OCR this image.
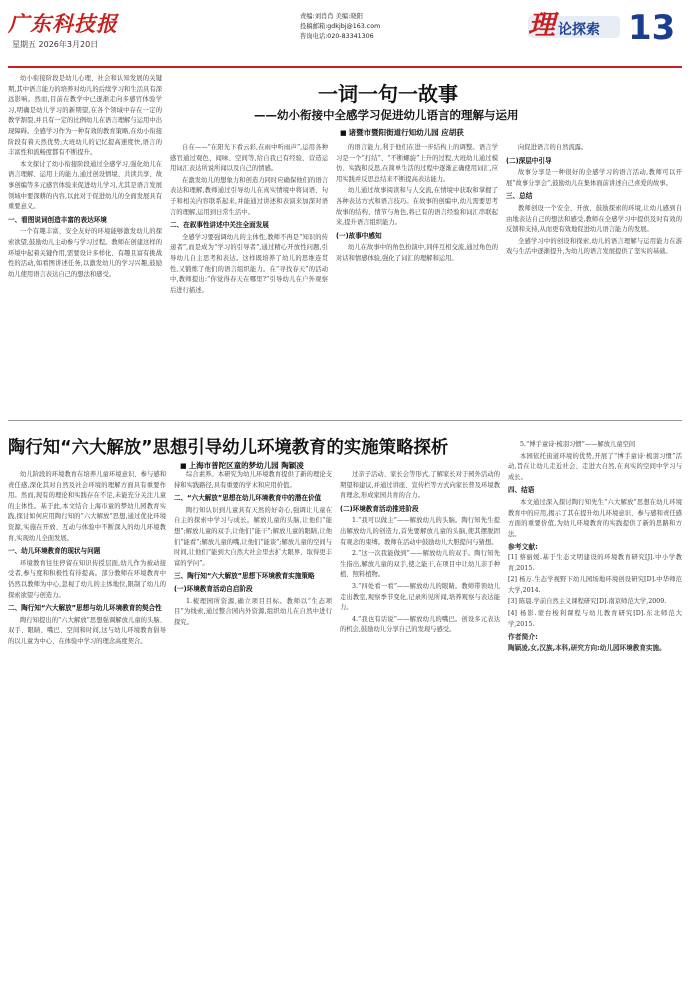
广东科技报
星期五 2026年3月20日
责编:刘肖肖 美编:晓阳
投稿邮箱:gdkjbj@163.com
咨询电话:020-83341306	理 论探索 13

幼小衔接阶段是幼儿心理、社会和认知发展的关键期,其中语言能力的培养对幼儿的后续学习和生活具有深远影响。然而,目前在教学中已逐渐走向多感官体验学习,明确是幼儿学习的新期望,在各个领域中存在一定的教学割裂,并且有一定的比例幼儿在语言理解与运用中出现障碍。全感学习作为一种有效的教育策略,在幼小衔接阶段有着天然优势,大班幼儿的记忆提高速度快,语言的丰富性和流畅度都有不断提升。

本文探讨了幼小衔接阶段通过全感学习,强化幼儿在语言理解、运用上的能力,通过创设情境、共读共享、故事创编等多元感官体验来促进幼儿学习,尤其是语言发展领域中要深耕的内容,以此对于促进幼儿的全面发展具有重要意义。

一、看图说词创造丰富的表达环境

一个有趣丰富、安全友好的环境能够激发幼儿的探索欲望,鼓励幼儿主动参与学习过程。教师在创建这样的环境中起着关键作用,需要设计多样化、有趣且富有挑战性的活动,如看图讲述任务,以激发幼儿的学习兴趣,鼓励幼儿使用语言表达自己的想法和感受。

一词一句一故事
——幼小衔接中全感学习促进幼儿语言的理解与运用
■ 诸暨市暨阳街道行知幼儿园 应胡获

自在——“在阳光下看云彩,在雨中听雨声”,运用各种感官通过观色、闻味、空间等,给自我已有经验、营造运用词汇表达所说所闻以及自己的情感。

在激发幼儿的想象力和创造力同时应确保他们的语言表达和理解,教师通过引导幼儿在真实情境中将词语、句子和相关内容联系起来,并能通过讲述和表演来加深对语言的理解,运用到日常生活中。

二、在叙事性讲述中关注全面发展

全感学习要强调幼儿的主体性,教师不再是“知识的传递者”,而是成为“学习的引导者”,通过精心开放性问题,引导幼儿自主思考和表达。这样既培养了幼儿的思维连贯性,又锻炼了他们的语言组织能力。在“寻找春天”的活动中,教师提出:“你觉得春天在哪里?”引导幼儿在户外观察后进行描述。

的语言能力,利于他们在进一步结构上的调整。语言学习是一个“打结”、“不断螺旋”上升的过程,大班幼儿通过模仿、实践和反思,在简单生活的过程中逐渐正确使用词汇,应用实践并反思总结来不断提高表达能力。

幼儿通过故事阅读和与人交流,在情境中获取和掌握了各种表达方式和语言技巧。在故事的创编中,幼儿需要思考故事的结构、情节与角色,将已有的语言经验和词汇串联起来,提升语言组织能力。

(一)故事中感知

幼儿在故事中的角色扮演中,同伴互相交流,通过角色的对话和情感体验,强化了词汇的理解和运用。

向促进语言的自然流露。

(二)深层中引导

故事分享是一种很好的全感学习的语言活动,教师可以开展“故事分享会”,鼓励幼儿在集体面前讲述自己喜爱的故事。

三、总结

教师创设一个安全、开放、鼓励探索的环境,让幼儿感到自由地表达自己的想法和感受,教师在全感学习中提供及时有效的反馈和支持,从而更有效地促进幼儿语言能力的发展。

全感学习中的创设和探索,幼儿的语言理解与运用能力在游戏与生活中逐渐提升,为幼儿的语言发展提供了坚实的基础。

陶行知“六大解放”思想引导幼儿环境教育的实施策略探析
■ 上海市普陀区童的梦幼儿园 陶颖凌

幼儿阶段的环境教育在培养儿童环境意识、参与感和责任感,深化其对自然及社会环境的理解方面具有重要作用。然而,现有的理论和实践存在不足,未能充分关注儿童的主体性。基于此,本文结合上海市童的梦幼儿园教育实践,探讨如何应用陶行知的“六大解放”思想,通过优化环境资源,实施在开放、互动与体验中不断深入的幼儿环境教育,实现幼儿全面发展。

一、幼儿环境教育的现状与问题

环境教育往往停留在知识传授层面,幼儿作为被动接受者,参与度和积极性有待提高。部分教师在环境教育中仍然以教师为中心,忽视了幼儿的主体地位,限制了幼儿的探索欲望与创造力。

二、陶行知“六大解放”思想与幼儿环境教育的契合性

陶行知提出的“六大解放”思想强调解放儿童的头脑、双手、眼睛、嘴巴、空间和时间,这与幼儿环境教育倡导的以儿童为中心、在体验中学习的理念高度契合。

综合素养。本研究为幼儿环境教育提供了新的理论支持和实践路径,具有重要的学术和应用价值。

二、“六大解放”思想在幼儿环境教育中的潜在价值

陶行知认识到儿童具有天然的好奇心,强调让儿童在自主的探索中学习与成长。解放儿童的头脑,让他们“能想”;解放儿童的双手,让他们“能干”;解放儿童的眼睛,让他们“能看”;解放儿童的嘴,让他们“能谈”;解放儿童的空间与时间,让他们“能到大自然大社会里去扩大眼界、取得更丰富的学问”。

三、陶行知“六大解放”思想下环境教育实施策略
(一)环境教育活动自启阶段

1.梳理园所资源,确立项目目标。教师以“生态项目”为线索,通过整合园内外资源,组织幼儿在自然中进行探究。

过亲子活动、家长会等形式,了解家长对于园外活动的期望和建议,并通过讲座、宣传栏等方式向家长普及环境教育理念,形成家园共育的合力。

(二)环境教育活动推进阶段

1.“我可以做主”——解放幼儿的头脑。陶行知先生提出解放幼儿的创造力,首先要解放儿童的头脑,使其摆脱固有观念的束缚。教师在活动中鼓励幼儿大胆提问与猜想。

2.“这一次我能做到”——解放幼儿的双手。陶行知先生指出,解放儿童的双手,使之能干,在项目中让幼儿亲手种植、照料植物。

3.“四处看一看”——解放幼儿的眼睛。教师带领幼儿走出教室,观察季节变化,记录所见所闻,培养观察与表达能力。

4.“我也有话说”——解放幼儿的嘴巴。创设多元表达的机会,鼓励幼儿分享自己的发现与感受。

5.“博手童诗·梳羽习惯”——解放儿童空间

本园依托街道环境的优势,开展了“博手童诗·梳羽习惯”活动,旨在让幼儿走近社会、走进大自然,在真实的空间中学习与成长。

四、结语

本文通过深入探讨陶行知先生“六大解放”思想在幼儿环境教育中的应用,揭示了其在提升幼儿环境意识、参与感和责任感方面的重要价值,为幼儿环境教育的实践提供了新的思路和方法。

参考文献:

[1] 蔡丽媛.基于生态文明建设的环境教育研究[J].中小学教育,2015.

[2] 杨万.生态学视野下幼儿园场地环境创设研究[D].中华师范大学,2014.

[3] 陈晨.学前自然主义课程研究[D].南京师范大学,2009.

[4] 杨影.蒙台梭利课程与幼儿教育研究[D].东北师范大学,2015.

作者简介:
陶颖凌,女,汉族,本科,研究方向:幼儿园环境教育实施。
